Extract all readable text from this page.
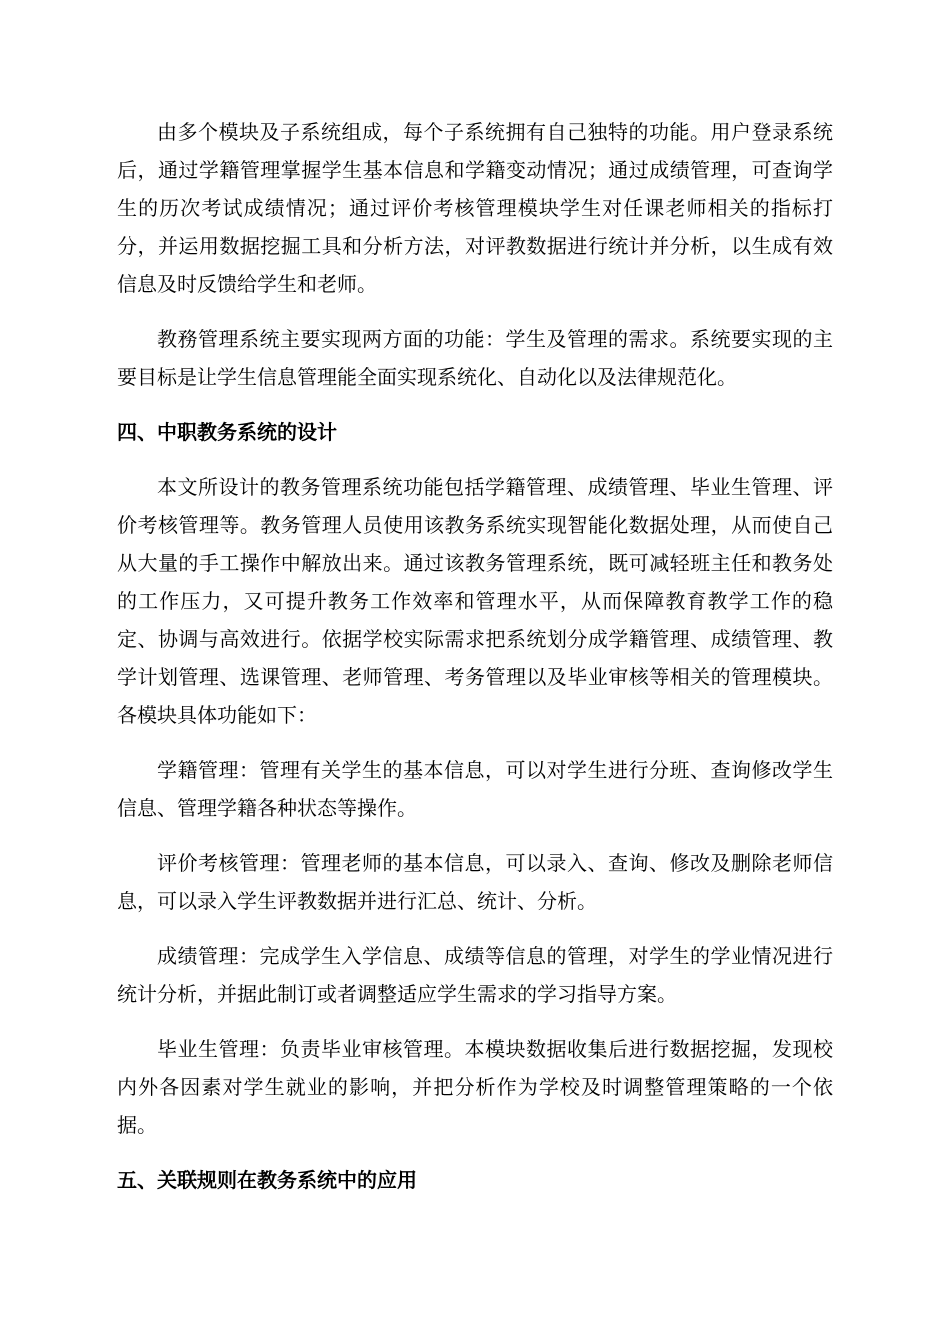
由多个模块及子系统组成，每个子系统拥有自己独特的功能。用户登录系统后，通过学籍管理掌握学生基本信息和学籍变动情况；通过成绩管理，可查询学生的历次考试成绩情况；通过评价考核管理模块学生对任课老师相关的指标打分，并运用数据挖掘工具和分析方法，对评教数据进行统计并分析，以生成有效信息及时反馈给学生和老师。

教務管理系统主要实现两方面的功能：学生及管理的需求。系统要实现的主要目标是让学生信息管理能全面实现系统化、自动化以及法律规范化。

四、中职教务系统的设计

本文所设计的教务管理系统功能包括学籍管理、成绩管理、毕业生管理、评价考核管理等。教务管理人员使用该教务系统实现智能化数据处理，从而使自己从大量的手工操作中解放出来。通过该教务管理系统，既可减轻班主任和教务处的工作压力，又可提升教务工作效率和管理水平，从而保障教育教学工作的稳定、协调与高效进行。依据学校实际需求把系统划分成学籍管理、成绩管理、教学计划管理、选课管理、老师管理、考务管理以及毕业审核等相关的管理模块。各模块具体功能如下：

学籍管理：管理有关学生的基本信息，可以对学生进行分班、查询修改学生信息、管理学籍各种状态等操作。

评价考核管理：管理老师的基本信息，可以录入、查询、修改及删除老师信息，可以录入学生评教数据并进行汇总、统计、分析。

成绩管理：完成学生入学信息、成绩等信息的管理，对学生的学业情况进行统计分析，并据此制订或者调整适应学生需求的学习指导方案。

毕业生管理：负责毕业审核管理。本模块数据收集后进行数据挖掘，发现校内外各因素对学生就业的影响，并把分析作为学校及时调整管理策略的一个依据。

五、关联规则在教务系统中的应用
